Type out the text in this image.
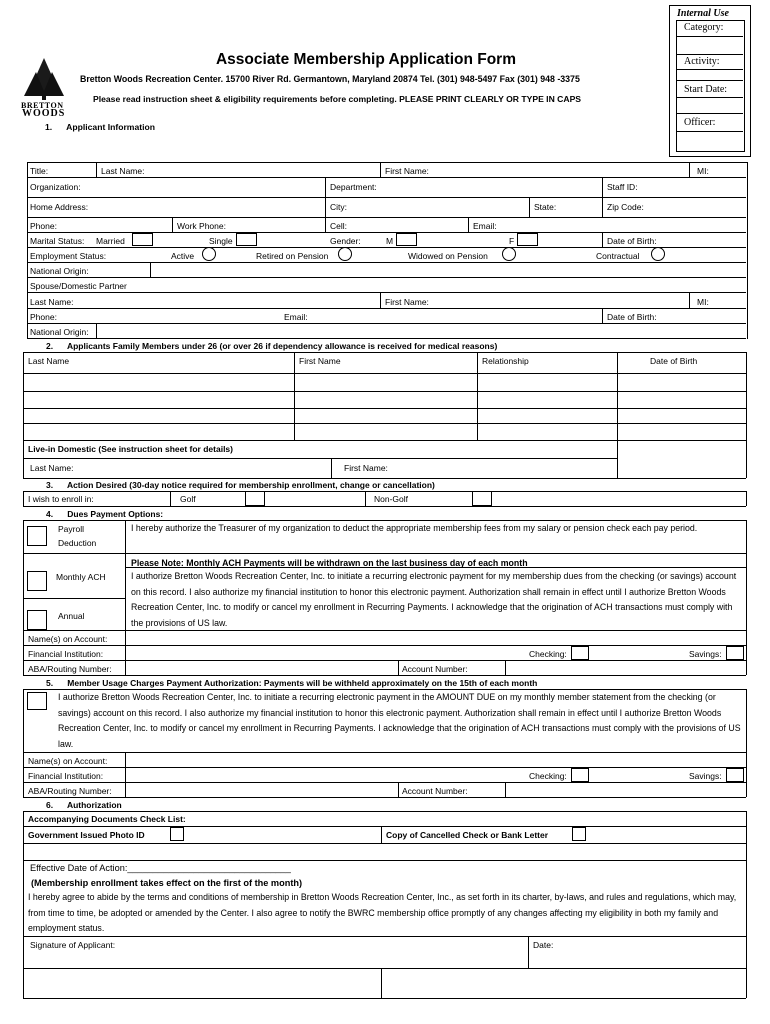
Internal Use
Category:
Activity:
Start Date:
Officer:
BRETTON
WOODS
Associate Membership Application Form
Bretton Woods Recreation Center. 15700 River Rd. Germantown, Maryland 20874 Tel. (301) 948-5497 Fax (301) 948 -3375
Please read instruction sheet & eligibility requirements before completing. PLEASE PRINT CLEARLY OR TYPE IN CAPS
1.      Applicant Information
Title:	Last Name:	First Name:	MI:
Organization:	Department:	Staff ID:
Home Address:	City:	State:	Zip Code:
Phone:	Work Phone:	Cell:	Email:
Marital Status: Married	Single	Gender:	M	F	Date of Birth:
Employment Status:	Active	Retired on Pension	Widowed on Pension	Contractual
National Origin:
Spouse/Domestic Partner
Last Name:	First Name:	MI:
Phone:	Email:	Date of Birth:
National Origin:
2.      Applicants Family Members under 26 (or over 26 if dependency allowance is received for medical reasons)
Last Name	First Name	Relationship	Date of Birth
Live-in Domestic (See instruction sheet for details)
Last Name:	First Name:
3.      Action Desired (30-day notice required for membership enrollment, change or cancellation)
I wish to enroll in:	Golf	Non-Golf
4.      Dues Payment Options:
Payroll
Deduction
I hereby authorize the Treasurer of my organization to deduct the appropriate membership fees from my salary or pension check each pay period.
Please Note: Monthly ACH Payments will be withdrawn on the last business day of each month
Monthly ACH
Annual
I authorize Bretton Woods Recreation Center, Inc. to initiate a recurring electronic payment for my membership dues from the checking (or savings) account on this record. I also authorize my financial institution to honor this electronic payment. Authorization shall remain in effect until I authorize Bretton Woods Recreation Center, Inc. to modify or cancel my enrollment in Recurring Payments. I acknowledge that the origination of ACH transactions must comply with the provisions of US law.
Name(s) on Account:
Financial Institution:	Checking:	Savings:
ABA/Routing Number:	Account Number:
5.      Member Usage Charges Payment Authorization: Payments will be withheld approximately on the 15th of each month
I authorize Bretton Woods Recreation Center, Inc. to initiate a recurring electronic payment in the AMOUNT DUE on my monthly member statement from the checking (or savings) account on this record. I also authorize my financial institution to honor this electronic payment. Authorization shall remain in effect until I authorize Bretton Woods Recreation Center, Inc. to modify or cancel my enrollment in Recurring Payments. I acknowledge that the origination of ACH transactions must comply with the provisions of US law.
Name(s) on Account:
Financial Institution:	Checking:	Savings:
ABA/Routing Number:	Account Number:
6.      Authorization
Accompanying Documents Check List:
Government Issued Photo ID	Copy of Cancelled Check or Bank Letter
Effective Date of Action:________________________________
(Membership enrollment takes effect on the first of the month)
I hereby agree to abide by the terms and conditions of membership in Bretton Woods Recreation Center, Inc., as set forth in its charter, by-laws, and rules and regulations, which may, from time to time, be adopted or amended by the Center. I also agree to notify the BWRC membership office promptly of any changes affecting my eligibility in both my family and employment status.
Signature of Applicant:	Date:
